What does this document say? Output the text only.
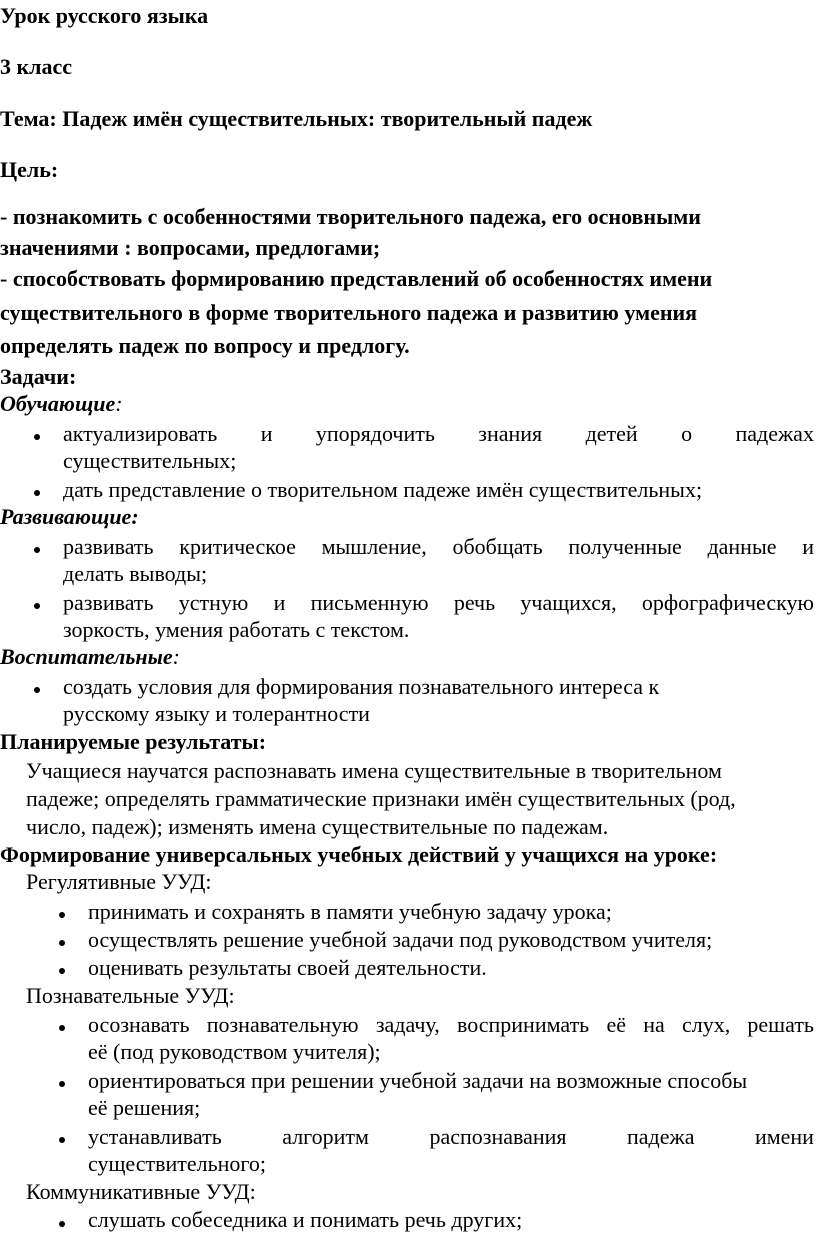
Урок русского языка
3 класс
Тема: Падеж имён существительных: творительный падеж
Цель:
- познакомить с особенностями творительного падежа, его основными
значениями : вопросами, предлогами;
- способствовать формированию представлений об особенностях имени
существительного в форме творительного падежа и развитию умения
определять падеж по вопросу и предлогу.
Задачи:
Обучающие:
актуализировать и упорядочить знания детей о падежах
существительных;
дать представление о творительном падеже имён существительных;
Развивающие:
развивать критическое мышление, обобщать полученные данные и
делать выводы;
развивать устную и письменную речь учащихся, орфографическую
зоркость, умения работать с текстом.
Воспитательные:
создать условия для формирования познавательного интереса к
русскому языку и толерантности
Планируемые результаты:
Учащиеся научатся распознавать имена существительные в творительном
падеже; определять грамматические признаки имён существительных (род,
число, падеж); изменять имена существительные по падежам.
Формирование универсальных учебных действий у учащихся на уроке:
Регулятивные УУД:
принимать и сохранять в памяти учебную задачу урока;
осуществлять решение учебной задачи под руководством учителя;
оценивать результаты своей деятельности.
Познавательные УУД:
осознавать познавательную задачу, воспринимать её на слух, решать
её (под руководством учителя);
ориентироваться при решении учебной задачи на возможные способы
её решения;
устанавливать	алгоритм	распознавания	падежа	имени
существительного;
Коммуникативные УУД:
слушать собеседника и понимать речь других;
